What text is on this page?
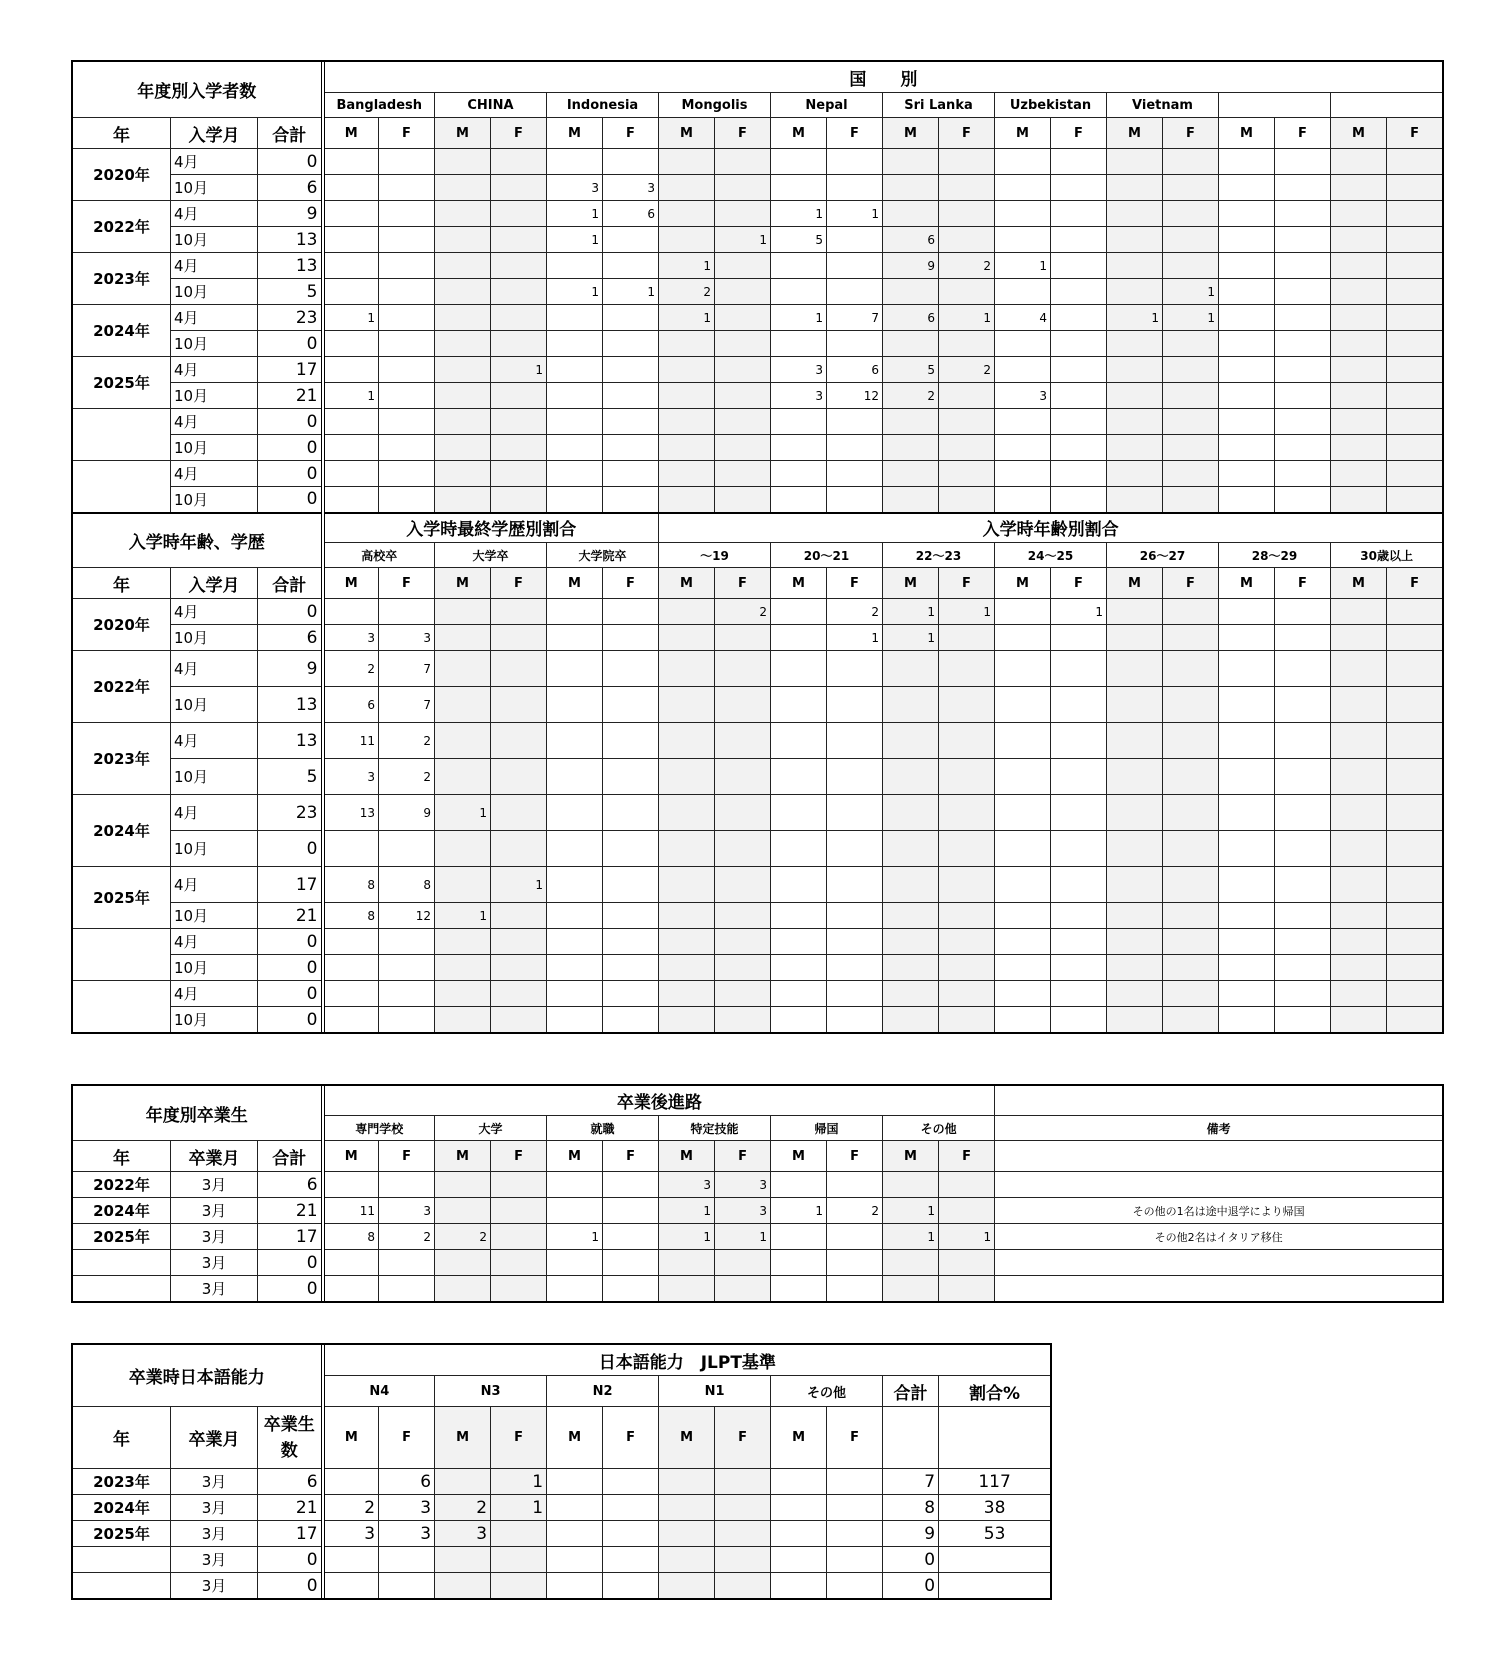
年度別入学者数			国　　別																			
			Bangladesh		CHINA		Indonesia		Mongolis		Nepal		Sri Lanka		Uzbekistan		Vietnam					
年	入学月	合計	M	F	M	F	M	F	M	F	M	F	M	F	M	F	M	F	M	F	M	F
2020年	4月	0																				
	10月	6					3	3														
2022年	4月	9					1	6			1	1										
	10月	13					1			1	5		6									
2023年	4月	13							1				9	2	1							
	10月	5					1	1	2									1				
2024年	4月	23	1						1		1	7	6	1	4		1	1				
	10月	0																				
2025年	4月	17				1					3	6	5	2								
	10月	21	1								3	12	2		3							
	4月	0																				
	10月	0																				
	4月	0																				
	10月	0																				
入学時年齢、学歴			入学時最終学歴別割合						入学時年齢別割合													
			高校卒		大学卒		大学院卒		～19		20～21		22～23		24～25		26～27		28～29		30歳以上	
年	入学月	合計	M	F	M	F	M	F	M	F	M	F	M	F	M	F	M	F	M	F	M	F
2020年	4月	0								2		2	1	1		1						
	10月	6	3	3								1	1									
2022年	4月	9	2	7																		
	10月	13	6	7																		
2023年	4月	13	11	2																		
	10月	5	3	2																		
2024年	4月	23	13	9	1																	
	10月	0																				
2025年	4月	17	8	8		1																
	10月	21	8	12	1																	
	4月	0																				
	10月	0																				
	4月	0																				
	10月	0																				
年度別卒業生			卒業後進路												
			専門学校		大学		就職		特定技能		帰国		その他		備考
年	卒業月	合計	M	F	M	F	M	F	M	F	M	F	M	F	
2022年	3月	6							3	3					
2024年	3月	21	11	3					1	3	1	2	1		その他の1名は途中退学により帰国
2025年	3月	17	8	2	2		1		1	1			1	1	その他2名はイタリア移住
	3月	0													
	3月	0													
卒業時日本語能力			日本語能力　JLPT基準											
			N4		N3		N2		N1		その他		合計	割合%
年	卒業月	卒業生数	M	F	M	F	M	F	M	F	M	F		
2023年	3月	6		6		1							7	117
2024年	3月	21	2	3	2	1							8	38
2025年	3月	17	3	3	3								9	53
	3月	0											0	
	3月	0											0	
